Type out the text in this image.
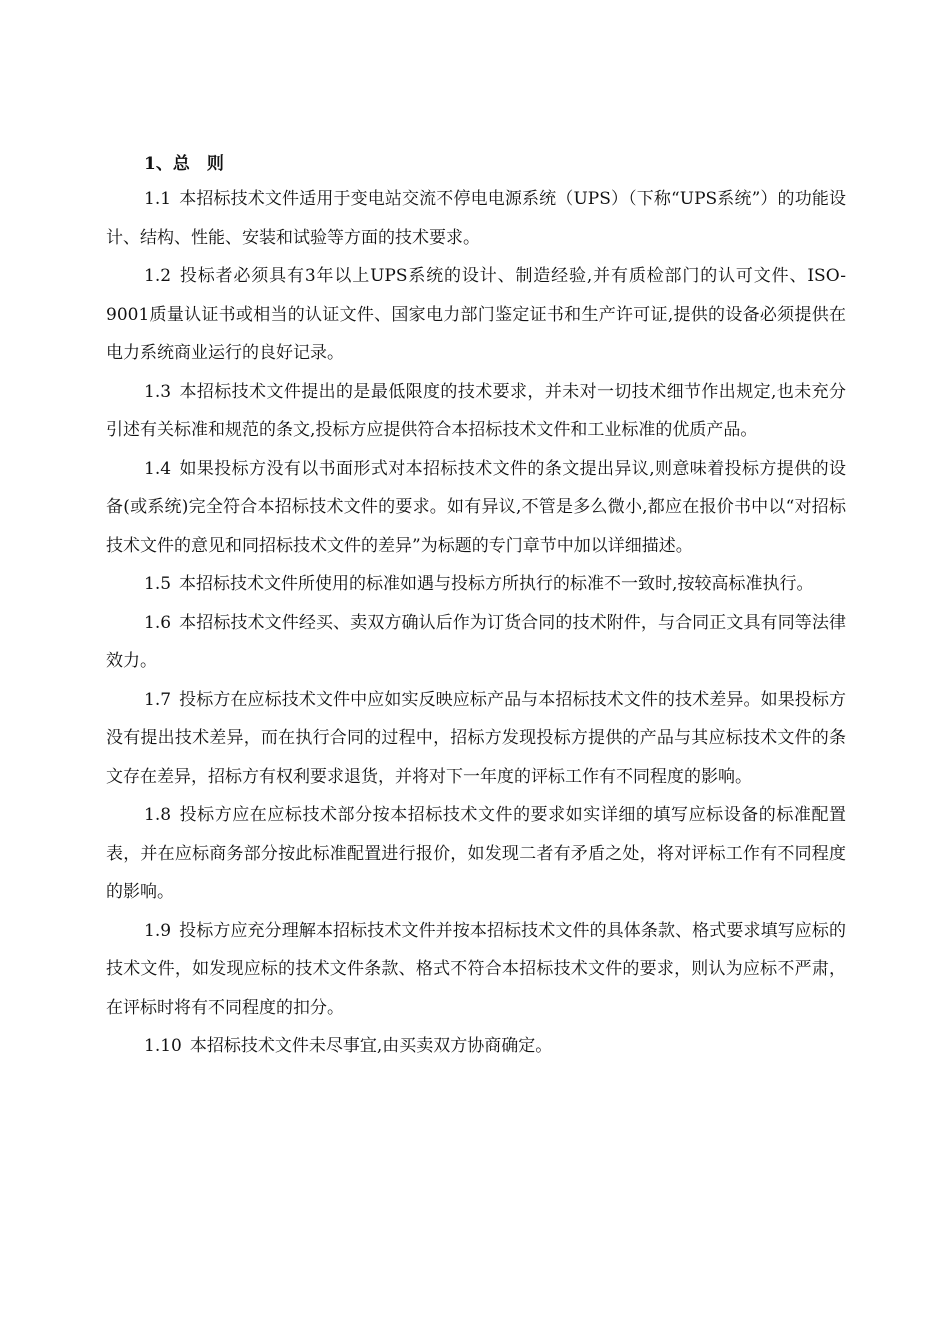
1、总　则

1.1 本招标技术文件适用于变电站交流不停电电源系统（UPS）（下称“UPS系统”）的功能设计、结构、性能、安装和试验等方面的技术要求。

1.2 投标者必须具有3年以上UPS系统的设计、制造经验,并有质检部门的认可文件、ISO-9001质量认证书或相当的认证文件、国家电力部门鉴定证书和生产许可证,提供的设备必须提供在电力系统商业运行的良好记录。

1.3 本招标技术文件提出的是最低限度的技术要求，并未对一切技术细节作出规定,也未充分引述有关标准和规范的条文,投标方应提供符合本招标技术文件和工业标准的优质产品。

1.4 如果投标方没有以书面形式对本招标技术文件的条文提出异议,则意味着投标方提供的设备(或系统)完全符合本招标技术文件的要求。如有异议,不管是多么微小,都应在报价书中以“对招标技术文件的意见和同招标技术文件的差异”为标题的专门章节中加以详细描述。

1.5 本招标技术文件所使用的标准如遇与投标方所执行的标准不一致时,按较高标准执行。

1.6 本招标技术文件经买、卖双方确认后作为订货合同的技术附件，与合同正文具有同等法律效力。

1.7 投标方在应标技术文件中应如实反映应标产品与本招标技术文件的技术差异。如果投标方没有提出技术差异，而在执行合同的过程中，招标方发现投标方提供的产品与其应标技术文件的条文存在差异，招标方有权利要求退货，并将对下一年度的评标工作有不同程度的影响。

1.8 投标方应在应标技术部分按本招标技术文件的要求如实详细的填写应标设备的标准配置表，并在应标商务部分按此标准配置进行报价，如发现二者有矛盾之处，将对评标工作有不同程度的影响。

1.9 投标方应充分理解本招标技术文件并按本招标技术文件的具体条款、格式要求填写应标的技术文件，如发现应标的技术文件条款、格式不符合本招标技术文件的要求，则认为应标不严肃，在评标时将有不同程度的扣分。

1.10 本招标技术文件未尽事宜,由买卖双方协商确定。
